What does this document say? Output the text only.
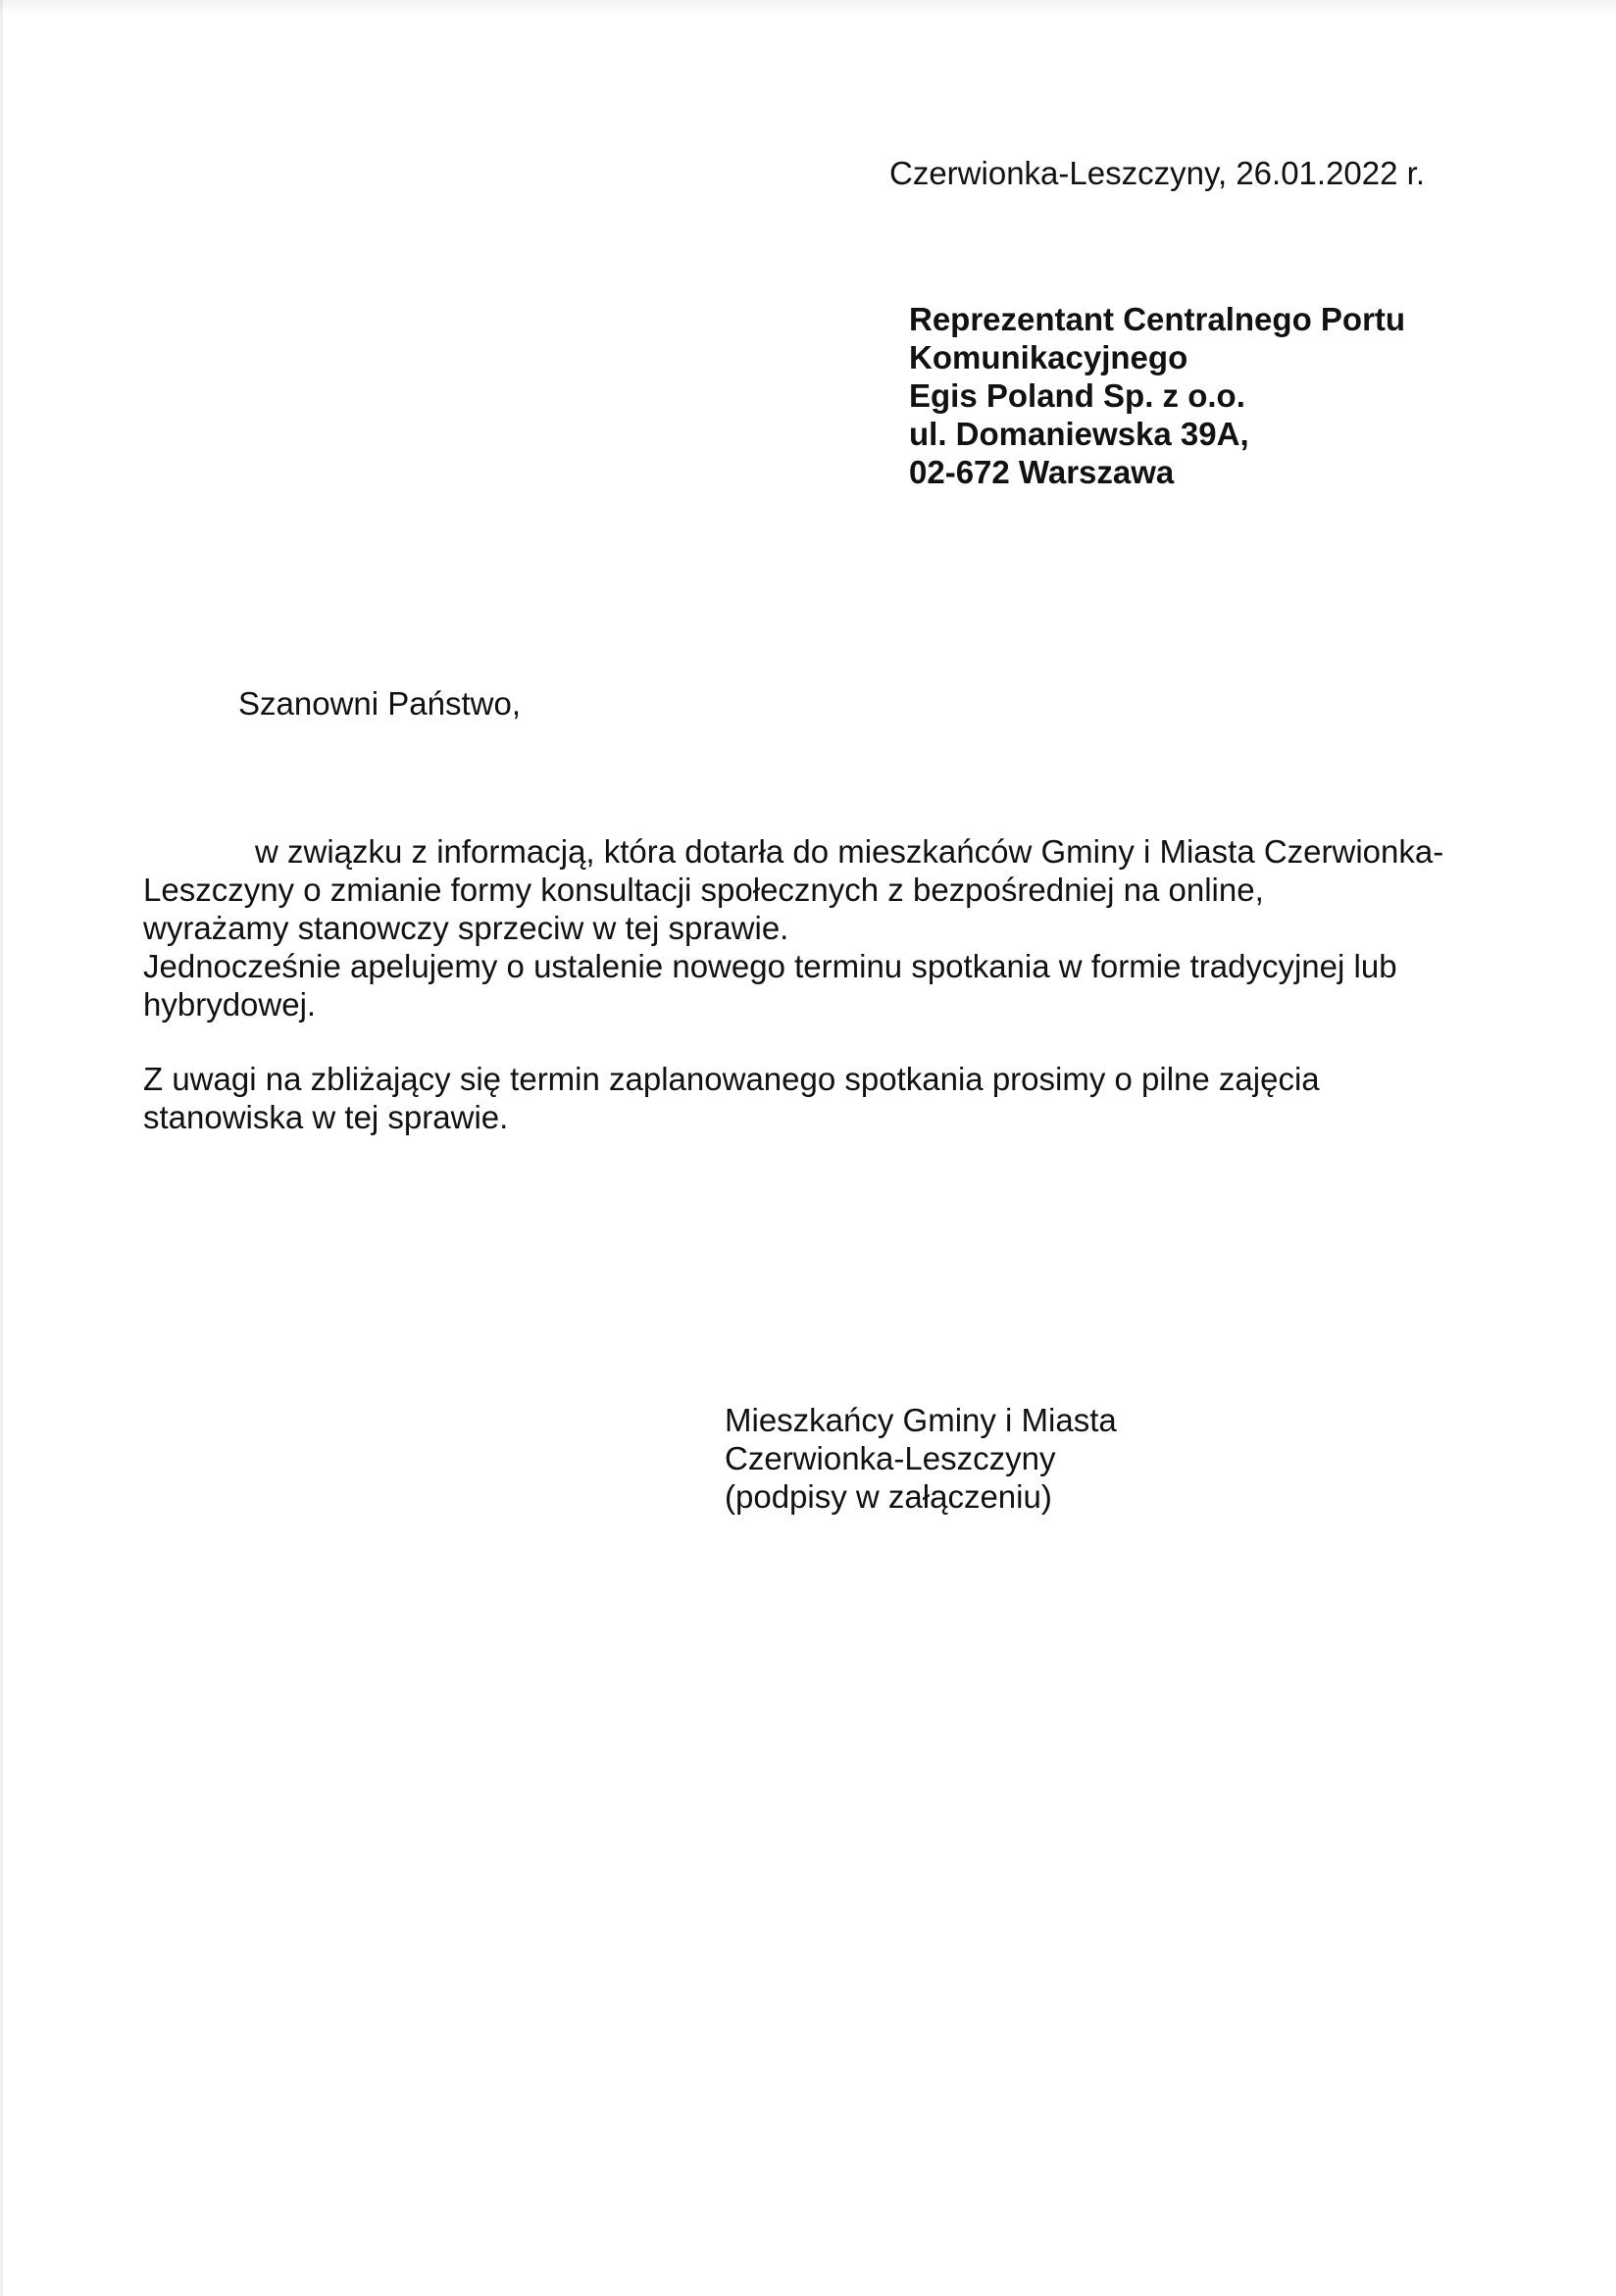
Czerwionka-Leszczyny, 26.01.2022 r.
Reprezentant Centralnego Portu
Komunikacyjnego
Egis Poland Sp. z o.o.
ul. Domaniewska 39A,
02-672 Warszawa
Szanowni Państwo,
w związku z informacją, która dotarła do mieszkańców Gminy i Miasta Czerwionka-
Leszczyny o zmianie formy konsultacji społecznych z bezpośredniej na online,
wyrażamy stanowczy sprzeciw w tej sprawie.
Jednocześnie apelujemy o ustalenie nowego terminu spotkania w formie tradycyjnej lub
hybrydowej.
Z uwagi na zbliżający się termin zaplanowanego spotkania prosimy o pilne zajęcia
stanowiska w tej sprawie.
Mieszkańcy Gminy i Miasta
Czerwionka-Leszczyny
(podpisy w załączeniu)
